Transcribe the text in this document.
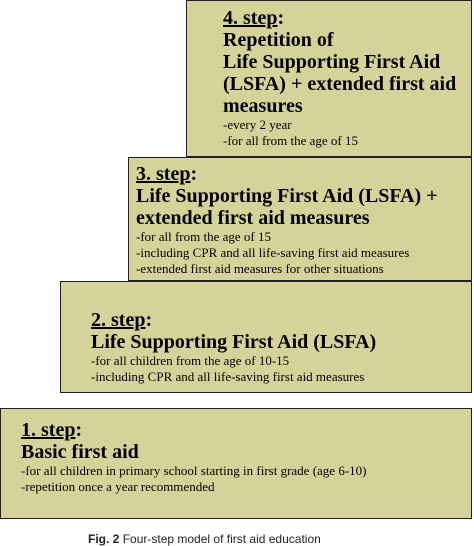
4. step:

Repetition of
Life Supporting First Aid
(LSFA) + extended first aid
measures

-every 2 year
-for all from the age of 15

3. step:

Life Supporting First Aid (LSFA) +
extended first aid measures

-for all from the age of 15
-including CPR and all life-saving first aid measures
-extended first aid measures for other situations

2. step:

Life Supporting First Aid (LSFA)

-for all children from the age of 10-15
-including CPR and all life-saving first aid measures

1. step:

Basic first aid

-for all children in primary school starting in first grade (age 6-10)
-repetition once a year recommended
Fig. 2 Four-step model of first aid education
